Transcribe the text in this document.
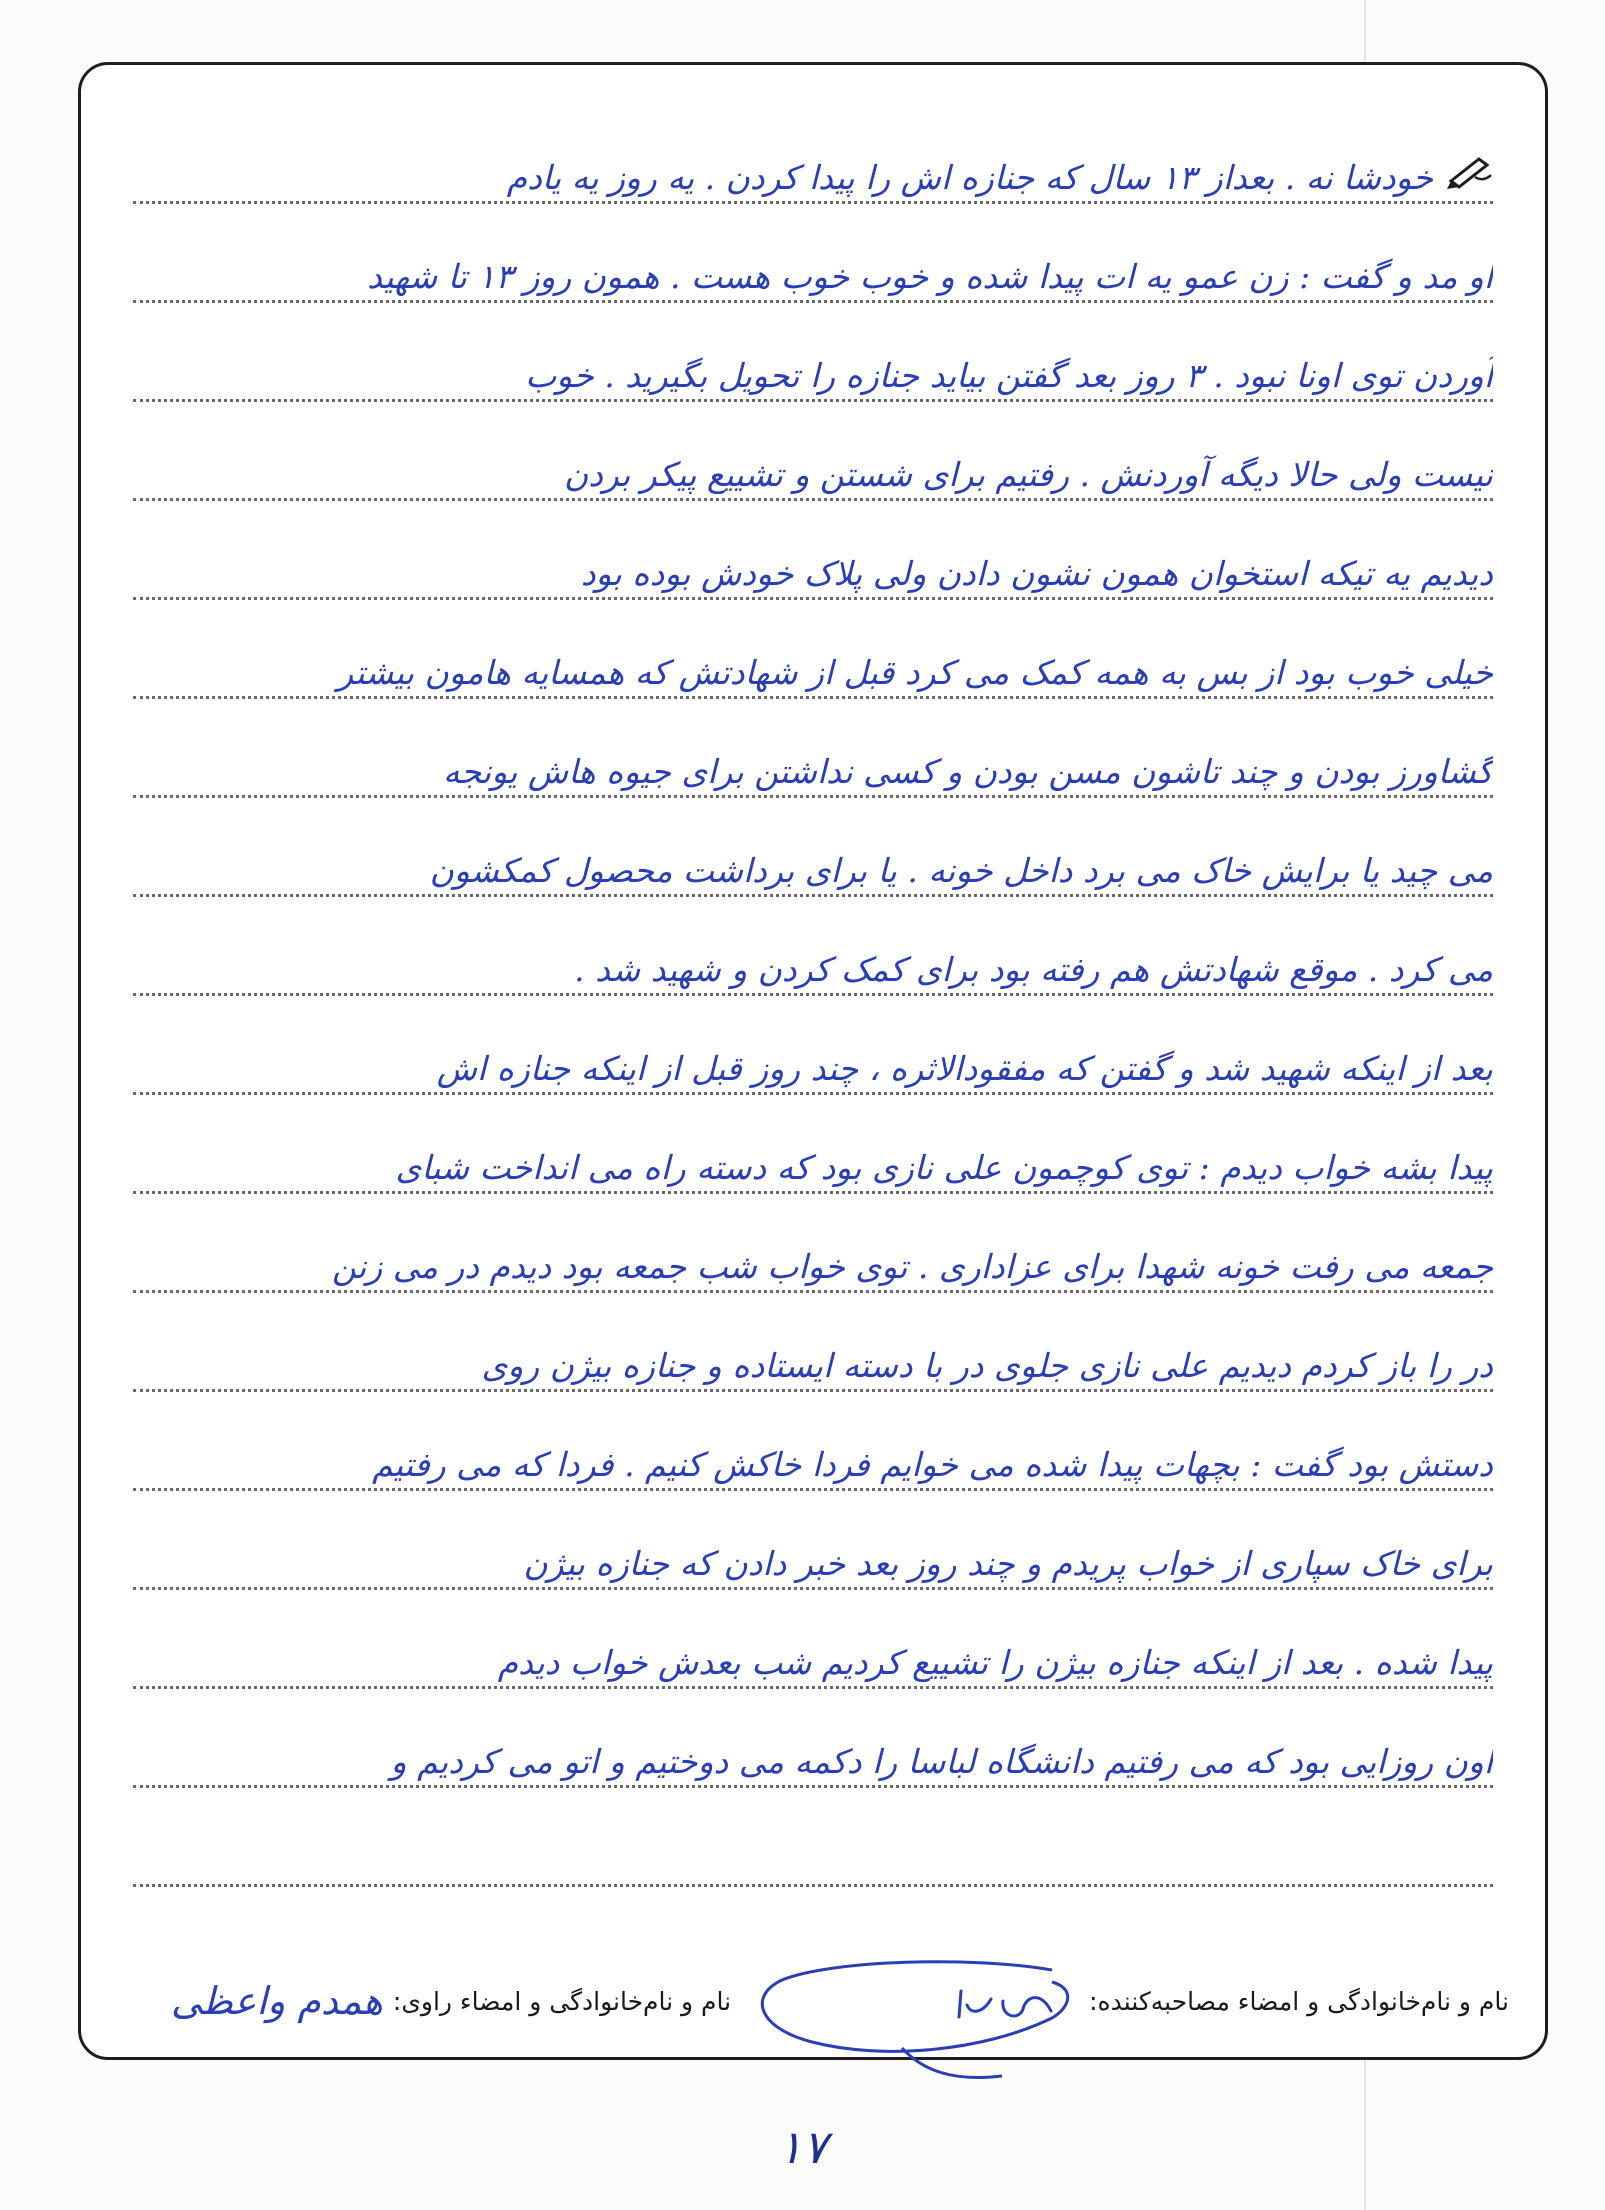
خودشا نه . بعداز ۱۳ سال که جنازه اش را پیدا کردن . یه روز یه یادم
او مد و گفت : زن عمو یه ات پیدا شده و خوب خوب هست . همون روز ۱۳ تا شهید
آوردن توی اونا نبود . ۳ روز بعد گفتن بیاید جنازه را تحویل بگیرید . خوب
نیست ولی حالا دیگه آوردنش . رفتیم برای شستن و تشییع پیکر بردن
دیدیم یه تیکه استخوان همون نشون دادن ولی پلاک خودش بوده بود
خیلی خوب بود از بس به همه کمک می کرد قبل از شهادتش که همسایه هامون بیشتر
گشاورز بودن و چند تاشون مسن بودن و کسی نداشتن برای جیوه هاش یونجه
می چید یا برایش خاک می برد داخل خونه . یا برای برداشت محصول کمکشون
می کرد . موقع شهادتش هم رفته بود برای کمک کردن و شهید شد .
بعد از اینکه شهید شد و گفتن که مفقودالاثره ، چند روز قبل از اینکه جنازه اش
پیدا بشه خواب دیدم : توی کوچمون علی نازی بود که دسته راه می انداخت شبای
جمعه می رفت خونه شهدا برای عزاداری . توی خواب شب جمعه بود دیدم در می زنن
در را باز کردم دیدیم علی نازی جلوی در با دسته ایستاده و جنازه بیژن روی
دستش بود گفت : بچهات پیدا شده می خوایم فردا خاکش کنیم . فردا که می رفتیم
برای خاک سپاری از خواب پریدم و چند روز بعد خبر دادن که جنازه بیژن
پیدا شده . بعد از اینکه جنازه بیژن را تشییع کردیم شب بعدش خواب دیدم
اون روزایی بود که می رفتیم دانشگاه لباسا را دکمه می دوختیم و اتو می کردیم و
نام و نام‌خانوادگی و امضاء مصاحبه‌کننده:
نام و نام‌خانوادگی و امضاء راوی:
همدم واعظی
۱۷
